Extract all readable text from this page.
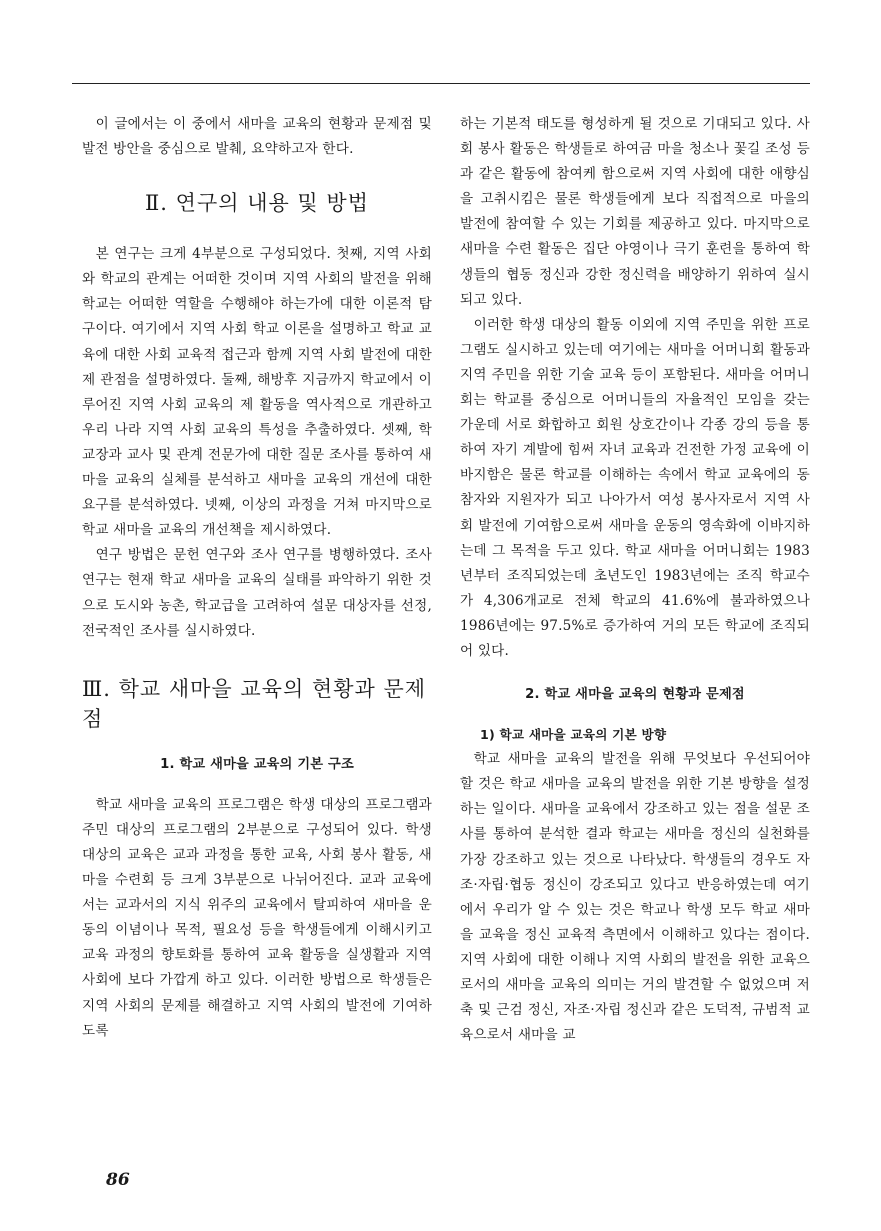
이 글에서는 이 중에서 새마을 교육의 현황과 문제점 및 발전 방안을 중심으로 발췌, 요약하고자 한다.

Ⅱ. 연구의 내용 및 방법

본 연구는 크게 4부분으로 구성되었다. 첫째, 지역 사회와 학교의 관계는 어떠한 것이며 지역 사회의 발전을 위해 학교는 어떠한 역할을 수행해야 하는가에 대한 이론적 탐구이다. 여기에서 지역 사회 학교 이론을 설명하고 학교 교육에 대한 사회 교육적 접근과 함께 지역 사회 발전에 대한 제 관점을 설명하였다. 둘째, 해방후 지금까지 학교에서 이루어진 지역 사회 교육의 제 활동을 역사적으로 개관하고 우리 나라 지역 사회 교육의 특성을 추출하였다. 셋째, 학교장과 교사 및 관계 전문가에 대한 질문 조사를 통하여 새마을 교육의 실체를 분석하고 새마을 교육의 개선에 대한 요구를 분석하였다. 넷째, 이상의 과정을 거쳐 마지막으로 학교 새마을 교육의 개선책을 제시하였다.

연구 방법은 문헌 연구와 조사 연구를 병행하였다. 조사 연구는 현재 학교 새마을 교육의 실태를 파악하기 위한 것으로 도시와 농촌, 학교급을 고려하여 설문 대상자를 선정, 전국적인 조사를 실시하였다.

Ⅲ. 학교 새마을 교육의 현황과 문제점
1. 학교 새마을 교육의 기본 구조

학교 새마을 교육의 프로그램은 학생 대상의 프로그램과 주민 대상의 프로그램의 2부분으로 구성되어 있다. 학생 대상의 교육은 교과 과정을 통한 교육, 사회 봉사 활동, 새마을 수련회 등 크게 3부분으로 나뉘어진다. 교과 교육에서는 교과서의 지식 위주의 교육에서 탈피하여 새마을 운동의 이념이나 목적, 필요성 등을 학생들에게 이해시키고 교육 과정의 향토화를 통하여 교육 활동을 실생활과 지역 사회에 보다 가깝게 하고 있다. 이러한 방법으로 학생들은 지역 사회의 문제를 해결하고 지역 사회의 발전에 기여하도록

하는 기본적 태도를 형성하게 될 것으로 기대되고 있다. 사회 봉사 활동은 학생들로 하여금 마을 청소나 꽃길 조성 등과 같은 활동에 참여케 함으로써 지역 사회에 대한 애향심을 고취시킴은 물론 학생들에게 보다 직접적으로 마을의 발전에 참여할 수 있는 기회를 제공하고 있다. 마지막으로 새마을 수련 활동은 집단 야영이나 극기 훈련을 통하여 학생들의 협동 정신과 강한 정신력을 배양하기 위하여 실시되고 있다.

이러한 학생 대상의 활동 이외에 지역 주민을 위한 프로그램도 실시하고 있는데 여기에는 새마을 어머니회 활동과 지역 주민을 위한 기술 교육 등이 포함된다. 새마을 어머니회는 학교를 중심으로 어머니들의 자율적인 모임을 갖는 가운데 서로 화합하고 회원 상호간이나 각종 강의 등을 통하여 자기 계발에 힘써 자녀 교육과 건전한 가정 교육에 이바지함은 물론 학교를 이해하는 속에서 학교 교육에의 동참자와 지원자가 되고 나아가서 여성 봉사자로서 지역 사회 발전에 기여함으로써 새마을 운동의 영속화에 이바지하는데 그 목적을 두고 있다. 학교 새마을 어머니회는 1983년부터 조직되었는데 초년도인 1983년에는 조직 학교수가 4,306개교로 전체 학교의 41.6%에 불과하였으나 1986년에는 97.5%로 증가하여 거의 모든 학교에 조직되어 있다.

2. 학교 새마을 교육의 현황과 문제점
1) 학교 새마을 교육의 기본 방향

학교 새마을 교육의 발전을 위해 무엇보다 우선되어야 할 것은 학교 새마을 교육의 발전을 위한 기본 방향을 설정하는 일이다. 새마을 교육에서 강조하고 있는 점을 설문 조사를 통하여 분석한 결과 학교는 새마을 정신의 실천화를 가장 강조하고 있는 것으로 나타났다. 학생들의 경우도 자조·자립·협동 정신이 강조되고 있다고 반응하였는데 여기에서 우리가 알 수 있는 것은 학교나 학생 모두 학교 새마을 교육을 정신 교육적 측면에서 이해하고 있다는 점이다. 지역 사회에 대한 이해나 지역 사회의 발전을 위한 교육으로서의 새마을 교육의 의미는 거의 발견할 수 없었으며 저축 및 근검 정신, 자조·자립 정신과 같은 도덕적, 규범적 교육으로서 새마을 교

86
